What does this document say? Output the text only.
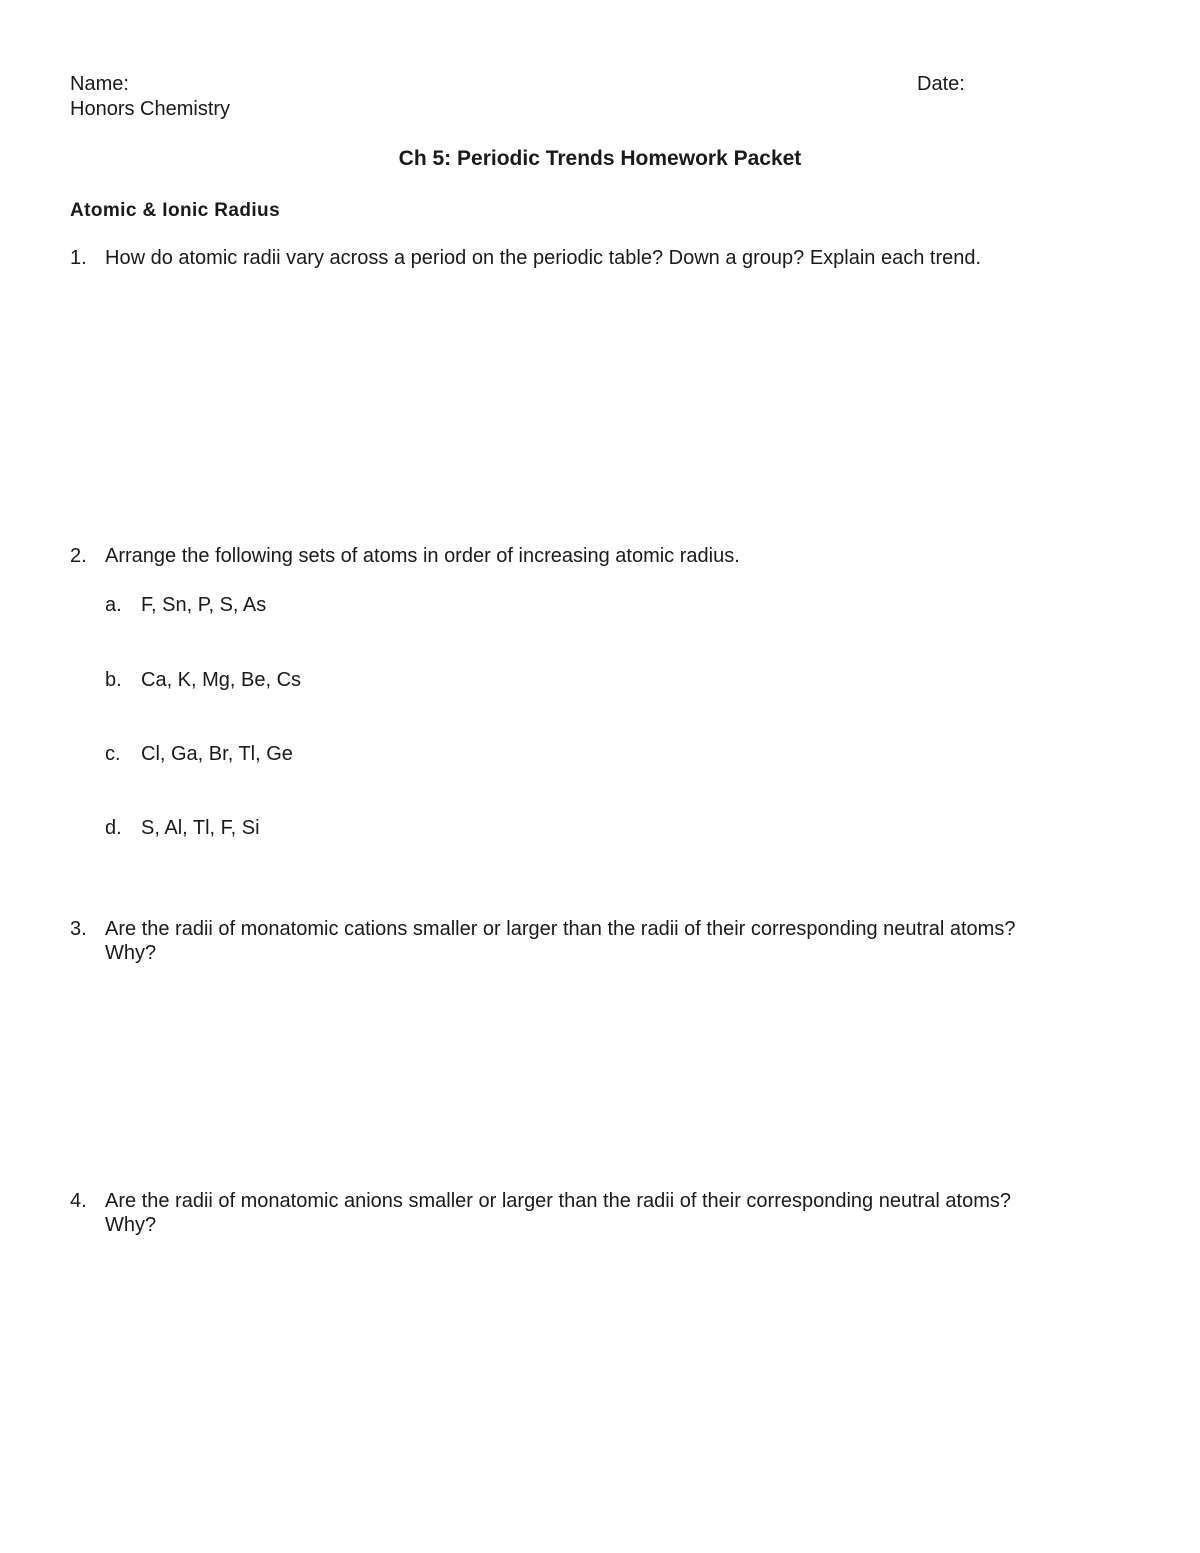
Name:	Date:
Honors Chemistry
Ch 5: Periodic Trends Homework Packet
Atomic & Ionic Radius
1. How do atomic radii vary across a period on the periodic table? Down a group? Explain each trend.
2. Arrange the following sets of atoms in order of increasing atomic radius.
a. F, Sn, P, S, As
b. Ca, K, Mg, Be, Cs
c. Cl, Ga, Br, Tl, Ge
d. S, Al, Tl, F, Si
3. Are the radii of monatomic cations smaller or larger than the radii of their corresponding neutral atoms?
Why?
4. Are the radii of monatomic anions smaller or larger than the radii of their corresponding neutral atoms?
Why?
